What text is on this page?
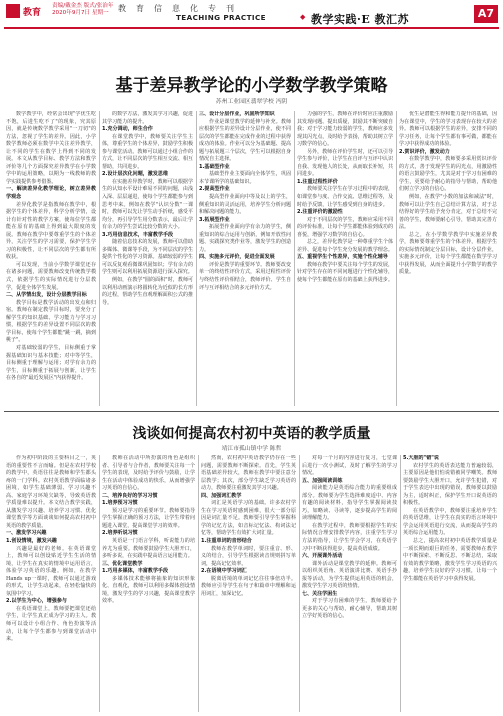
教育
责编/戴金杰 版式/张治年
2020年9月7日 星期一	教 育 信 息 化 专 刊
TEACHING PRACTICE	◆ 教学实践·E 教汇苏	A7
基于差异教学论的小学数学教学策略
苏州工业园区翡翠学校 冯阴

数学教学中，经常会出现"学优生吃不饱，后进生吃不了"的现象，究其原因，就是传统数学教学采用"一刀切"的方法，忽视了学生的差异。因此，小学数学教师必须在数学中关注差异教学，让不同的学生在数学上得到不同的发展。本文从教学目标、教学方法和教学评价等几个方面探究差异教学在小学数学中的运用策略，以期为一线教师的教学实践提供参考借鉴。

一、解读差异化教学理论，树立差异教学观念

差异化教学是指教师在教学中，根据学生的个体差异，科学分析学情，设计有针对性的教学方案，使每位学生都能在原有的基础上得到最大限度的发展。教师在教学中要尊重学生的个体差异，关注学生的学习需要，保护学生学习的积极性，让不同层次的学生都有所收获。

可以发现，当前小学数学课堂还存在诸多问题，需要教师改变传统教学模式，依据学生的实际情况进行分层教学，促进全体学生发展。

二、从学情出发，设计分层教学目标

教学目标是教学活动的出发点和归宿。教师在制定教学目标时，要充分了解学生的知识基础、学习能力与学习习惯，根据学生的差异设置不同层次的教学目标，使每个学生都能"跳一跳，摘到桃子"。

对基础较弱的学生，目标侧重于掌握基础知识与基本技能；对中等学生，目标侧重于理解与运用；对学有余力的学生，目标侧重于拓展与创新，让学生在各自的"最近发展区"内获得提升。

的数学方法，激发其学习兴趣，促进其学习能力的提升。

1.充分调动，师生合作

在课堂教学中，教师要关注学生主体，尊重学生的个体差异，鼓励学生积极参与课堂活动。教师可以通过小组合作的方式，让不同层次的学生相互交流、相互帮助，共同进步。

2.设计层次化问题，激发思维

在实施差异教学时，教师可以根据学生的认知水平设计难易不同的问题，由浅入深、层层递进，使每个学生都能参与到思考中来。例如在教学"认识分数"一课时，教师可以先让学生动手折纸，感受平均分，再引导学生用分数表示，最后让学有余力的学生尝试比较分数的大小。

3.巧用信息技术，丰富教学手段

随着信息技术的发展，教师可以借助多媒体、微课等手段，为不同层次的学生提供个性化的学习资源。基础较弱的学生可以反复观看微课巩固知识；学有余力的学生则可以利用拓展资源进行深入探究。

例如，在教学"圆的面积"时，教师可以利用动画演示将圆转化为近似的长方形的过程，帮助学生直观理解面积公式的推导。

三、设计分层作业，巩固所学知识

作业是课堂教学的延伸与补充。教师应根据学生的差异设计分层作业，使不同层次的学生都能在完成作业的过程中获得成功的体验。作业可以分为基础题、提高题与拓展题三个层次，学生可以根据自身情况自主选择。

1.基础型作业

基础型作业主要面向全体学生，巩固本节课所学的基础知识。

2.提高型作业

提高型作业面向中等及以上的学生，侧重知识的灵活运用，培养学生分析问题和解决问题的能力。

3.拓展型作业

拓展型作业面向学有余力的学生，侧重知识的综合运用与创新，例如开放性问题、实践探究类作业等，激发学生的创造力。

四、实施多元评价，促进全面发展

评价是教学的重要环节。教师要改变单一的终结性评价方式，采用过程性评价与终结性评价相结合，教师评价、学生自评与互评相结合的多元评价方式。

力强的学生，教师在评价时应注重激励其发现问题、提出质疑，鼓励其不断突破自我；对于学习能力较弱的学生，教师应多发现其闪光点，及时给予表扬，帮助其树立学习数学的信心。

另外，教师在评价学生时，还可以引导学生参与评价，让学生在自评与互评中认识自我、发现他人的长处，从而取长补短，共同进步。

1.注重过程性评价

教师要关注学生在学习过程中的表现，如课堂参与度、合作交流、思维过程等，及时给予反馈，让学生感受到自身的进步。

2.注重评价的激励性

对于不同层次的学生，教师应采用不同的评价标准，让每个学生都能体验到成功的喜悦，增强学习数学的自信心。

总之，差异化教学是一种尊重学生个体差异、促进每个学生充分发展的教学理念。

五、重视学生个性差异，实施个性化辅导

教师在教学中要关注每个学生的发展，针对学生存在的不同问题进行个性化辅导，使每个学生都能在原有的基础上获得进步。

优生是潜能生得和能力提升的基础，因为在课堂中，学生的学习表现存在较大的差异。教师可以根据学生的差异，安排不同的学习任务，让每个学生都有事可做，都能在学习中获得成功的体验。

2.赏识评价，激发动力

在数学教学中，教师要多采用赏识评价的方式，善于发现学生的闪光点，用激励性的语言鼓励学生，尤其是对于学习有困难的学生，更要给予耐心的指导与帮助，帮助他们树立学习的自信心。

例如，在教学"小数的加法和减法"时，教师可以让学生自己总结计算方法，对于总结得好的学生给予充分肯定，对于总结不完善的学生，教师要耐心引导，帮助其完善方法。

总之，在小学数学教学中实施差异教学，教师要尊重学生的个体差异，根据学生的实际情况制定分层目标，设计分层作业，实施多元评价，让每个学生都能在数学学习中获得发展，从而全面提升小学数学的教学质量。

浅谈如何提高农村初中英语的教学质量
靖江市孤山镇中学 陈哲

作为初中阶段的主要科目之一，英语的重要性不言而喻。但是在农村学校的教学中，英语往往是教师和学生都头疼的一门学科。农村英语教学面临诸多困境，如学生基础薄弱、学习兴趣不高、家庭学习环境欠缺等，导致英语教学质量难以提升。本文结合教学实践，从激发学习兴趣、培养学习习惯、优化课堂教学等方面谈谈如何提高农村初中英语的教学质量。

一、激发学习兴趣

1.创设情境，激发兴趣

兴趣是最好的老师。在英语课堂上，教师可以创设贴近学生生活的情境，让学生在真实的情境中运用语言，体验学习英语的乐趣。例如，在教学Hands up一课时，教师可以通过游戏的形式，让学生动起来，在轻松愉快的氛围中学习。

2.以学生为中心，增强参与

在英语课堂上，教师要把课堂还给学生，让学生真正成为学习的主人。教师可以设计小组合作、角色扮演等活动，让每个学生都参与到课堂活动中来。

教师在活动中所扮演的角色是组织者、引导者与合作者，教师要关注每一个学生的表现，及时给予评价与鼓励，让学生在活动中体验成功的快乐，从而增强学习英语的自信心。

二、培养良好的学习习惯

1.培养预习习惯

预习是学习的重要环节。教师要指导学生掌握正确的预习方法，让学生带着问题进入课堂，提高课堂学习的效率。

2.培养听说习惯

英语是一门语言学科，听说能力的培养尤为重要。教师要鼓励学生大胆开口，多听多说，在实践中提高语言运用能力。

三、优化课堂教学

1.巧用多媒体，丰富教学手段

多媒体技术能够将抽象的知识形象化、直观化，教师可以利用多媒体创设情境，激发学生的学习兴趣，提高课堂教学效率。

然而，农村初中英语教学仍存在一些问题，需要教师不断探索。首先，学生英语基础差异较大，教师在教学中要注意分层教学；其次，部分学生缺乏学习英语的动力，教师要注重激发其学习兴趣。

四、加强词汇教学

词汇是英语学习的基础。许多农村学生在学习英语时感到困难，很大一部分原因是词汇量不足。教师要引导学生掌握科学的记忆方法，如音标记忆法、构词法记忆等，帮助学生有效扩大词汇量。

1.注重单词的音形结合

教师在教学单词时，要注重音、形、义的结合，引导学生根据读音规则拼写单词，提高记忆效率。

2.在语境中学习词汇

脱离语境的单词记忆往往事倍功半。教师应引导学生在句子和篇章中理解和运用词汇，加深记忆。

对每一个月的内容进行复习，七堂课后进行一次小测试，及时了解学生的学习情况。

五、加强阅读训练

阅读能力是英语综合能力的重要组成部分。教师要为学生选择难度适中、内容有趣的阅读材料，指导学生掌握阅读技巧，如略读、寻读等，逐步提高学生的阅读理解能力。

在教学过程中，教师要根据学生的实际情况合理安排教学内容，注重学生学习方法的指导，让学生学会学习，在英语学习中不断获得进步，提高英语成绩。

六、开展课外活动

课外活动是课堂教学的延伸。教师可以组织英语角、英语演讲比赛、英语手抄报等活动，为学生提供运用英语的机会，激发学生学习英语的热情。

七、关注学困生

对于学习有困难的学生，教师要给予更多的关心与帮助，耐心辅导，帮助其树立学好英语的信心。

5.大胆的"错"说

农村学生的英语表达能力普遍较弱，主要原因是他们怕说错被同学嘲笑。教师要鼓励学生大胆开口，允许学生犯错，对于学生表达中出现的错误，教师要以鼓励为主，适时纠正，保护学生开口说英语的积极性。

在英语教学中，教师要注重培养学生的英语思维，让学生在真实的语言环境中学会运用英语进行交流，从而提高学生的英语综合运用能力。

总之，提高农村初中英语教学质量是一项长期而艰巨的任务，需要教师在教学中不断探索、不断反思、不断总结，采取有效的教学策略，激发学生学习英语的兴趣，培养学生良好的学习习惯，让每一个学生都能在英语学习中获得发展。
